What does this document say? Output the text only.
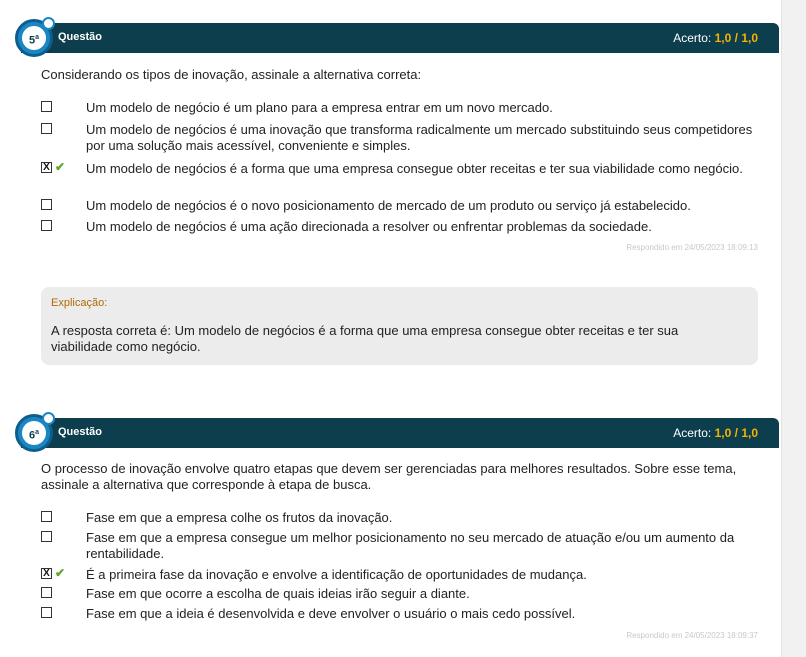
Questão	Acerto: 1,0 / 1,0
5$^a$
Considerando os tipos de inovação, assinale a alternativa correta:
Um modelo de negócio é um plano para a empresa entrar em um novo mercado.
Um modelo de negócios é uma inovação que transforma radicalmente um mercado substituindo seus competidores por uma solução mais acessível, conveniente e simples.
X ✔ Um modelo de negócios é a forma que uma empresa consegue obter receitas e ter sua viabilidade como negócio.
Um modelo de negócios é o novo posicionamento de mercado de um produto ou serviço já estabelecido.
Um modelo de negócios é uma ação direcionada a resolver ou enfrentar problemas da sociedade.
Respondido em 24/05/2023 18:09:13
Explicação:
A resposta correta é: Um modelo de negócios é a forma que uma empresa consegue obter receitas e ter sua viabilidade como negócio.
Questão	Acerto: 1,0 / 1,0
6$^a$
O processo de inovação envolve quatro etapas que devem ser gerenciadas para melhores resultados. Sobre esse tema, assinale a alternativa que corresponde à etapa de busca.
Fase em que a empresa colhe os frutos da inovação.
Fase em que a empresa consegue um melhor posicionamento no seu mercado de atuação e/ou um aumento da rentabilidade.
X ✔ É a primeira fase da inovação e envolve a identificação de oportunidades de mudança.
Fase em que ocorre a escolha de quais ideias irão seguir a diante.
Fase em que a ideia é desenvolvida e deve envolver o usuário o mais cedo possível.
Respondido em 24/05/2023 18:09:37
